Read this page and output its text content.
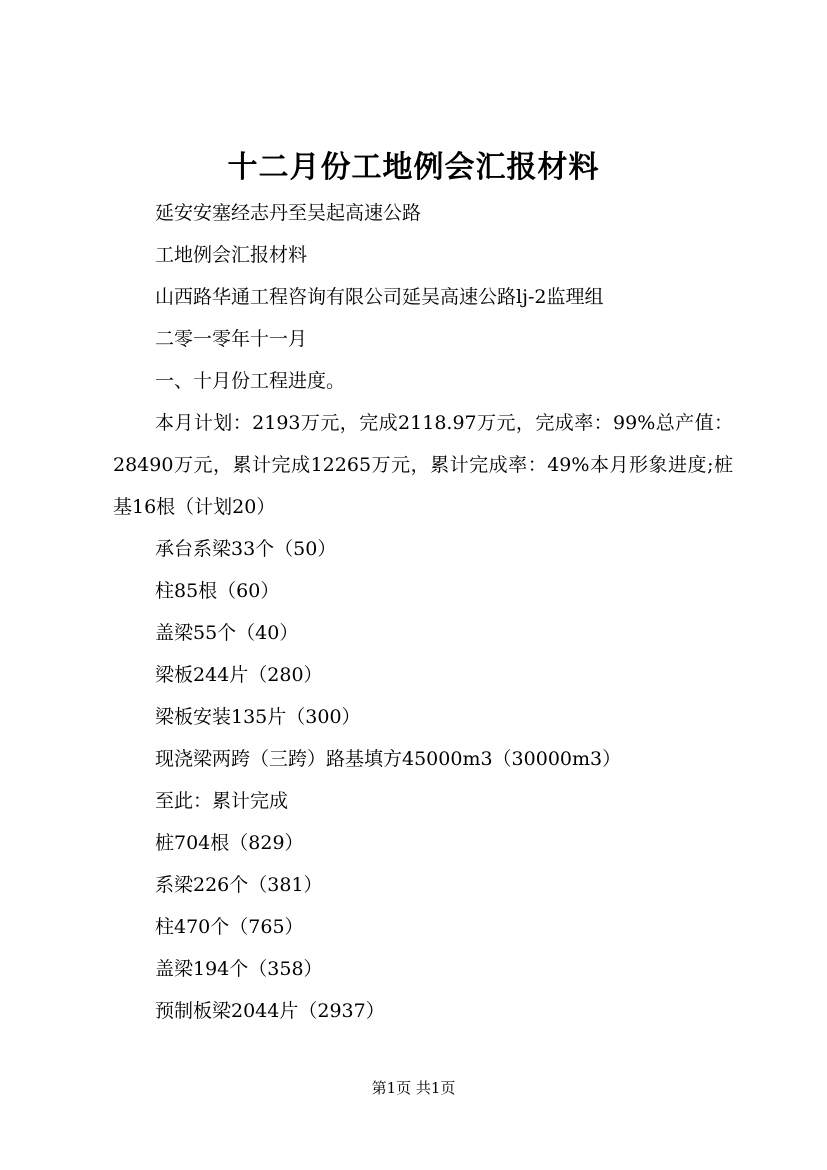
十二月份工地例会汇报材料
延安安塞经志丹至吴起高速公路
工地例会汇报材料
山西路华通工程咨询有限公司延吴高速公路lj-2监理组
二零一零年十一月
一、十月份工程进度。
本月计划：2193万元，完成2118.97万元，完成率：99%总产值：28490万元，累计完成12265万元，累计完成率：49%本月形象进度;桩基16根（计划20）
承台系梁33个（50）
柱85根（60）
盖梁55个（40）
梁板244片（280）
梁板安装135片（300）
现浇梁两跨（三跨）路基填方45000m3（30000m3）
至此：累计完成
桩704根（829）
系梁226个（381）
柱470个（765）
盖梁194个（358）
预制板梁2044片（2937）
第1页 共1页
